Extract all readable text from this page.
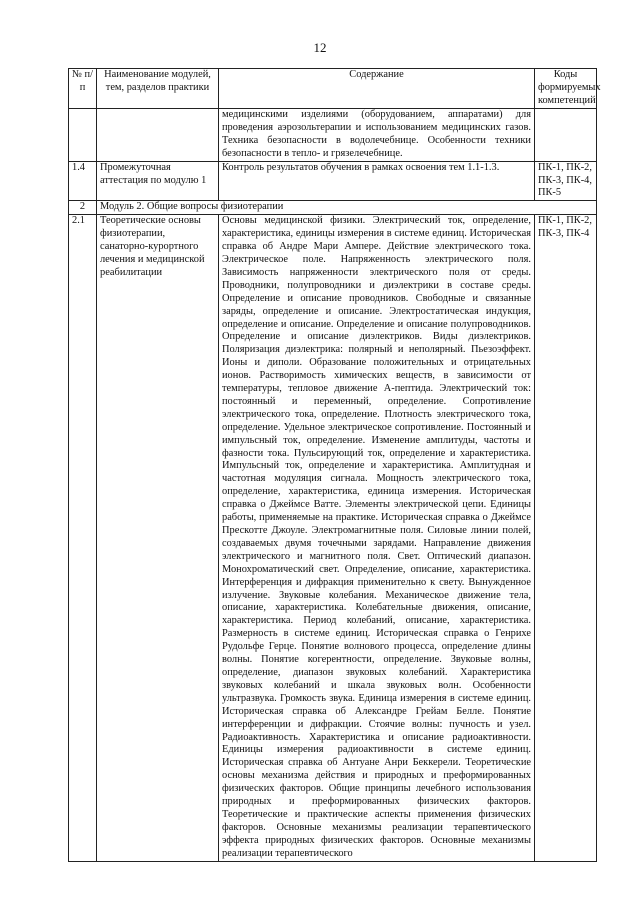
12
№ п/п	Наименование модулей, тем, разделов практики	Содержание	Коды формируемых компетенций
		медицинскими изделиями (оборудованием, аппаратами) для проведения аэрозольтерапии и использованием медицинских газов. Техника безопасности в водолечебнице. Особенности техники безопасности в тепло- и грязелечебнице.	
1.4	Промежуточная аттестация по модулю 1	Контроль результатов обучения в рамках освоения тем 1.1-1.3.	ПК-1, ПК-2, ПК-3, ПК-4, ПК-5
2	Модуль 2. Общие вопросы физиотерапии		
2.1	Теоретические основы физиотерапии, санаторно-курортного лечения и медицинской реабилитации	Основы медицинской физики. Электрический ток, определение, характеристика, единицы измерения в системе единиц. Историческая справка об Андре Мари Ампере. Действие электрического тока. Электрическое поле. Напряженность электрического поля. Зависимость напряженности электрического поля от среды. Проводники, полупроводники и диэлектрики в составе среды. Определение и описание проводников. Свободные и связанные заряды, определение и описание. Электростатическая индукция, определение и описание. Определение и описание полупроводников. Определение и описание диэлектриков. Виды диэлектриков. Поляризация диэлектрика: полярный и неполярный. Пьезоэффект. Ионы и диполи. Образование положительных и отрицательных ионов. Растворимость химических веществ, в зависимости от температуры, тепловое движение А-пептида. Электрический ток: постоянный и переменный, определение. Сопротивление электрического тока, определение. Плотность электрического тока, определение. Удельное электрическое сопротивление. Постоянный и импульсный ток, определение. Изменение амплитуды, частоты и фазности тока. Пульсирующий ток, определение и характеристика. Импульсный ток, определение и характеристика. Амплитудная и частотная модуляция сигнала. Мощность электрического тока, определение, характеристика, единица измерения. Историческая справка о Джеймсе Ватте. Элементы электрической цепи. Единицы работы, применяемые на практике. Историческая справка о Джеймсе Прескотте Джоуле. Электромагнитные поля. Силовые линии полей, создаваемых двумя точечными зарядами. Направление движения электрического и магнитного поля. Свет. Оптический диапазон. Монохроматический свет. Определение, описание, характеристика. Интерференция и дифракция применительно к свету. Вынужденное излучение. Звуковые колебания. Механическое движение тела, описание, характеристика. Колебательные движения, описание, характеристика. Период колебаний, описание, характеристика. Размерность в системе единиц. Историческая справка о Генрихе Рудольфе Герце. Понятие волнового процесса, определение длины волны. Понятие когерентности, определение. Звуковые волны, определение, диапазон звуковых колебаний. Характеристика звуковых колебаний и шкала звуковых волн. Особенности ультразвука. Громкость звука. Единица измерения в системе единиц. Историческая справка об Александре Грейам Белле. Понятие интерференции и дифракции. Стоячие волны: пучность и узел. Радиоактивность. Характеристика и описание радиоактивности. Единицы измерения радиоактивности в системе единиц. Историческая справка об Антуане Анри Беккерели. Теоретические основы механизма действия и природных и преформированных физических факторов. Общие принципы лечебного использования природных и преформированных физических факторов. Теоретические и практические аспекты применения физических факторов. Основные механизмы реализации терапевтического эффекта природных физических факторов. Основные механизмы реализации терапевтического	ПК-1, ПК-2, ПК-3, ПК-4
